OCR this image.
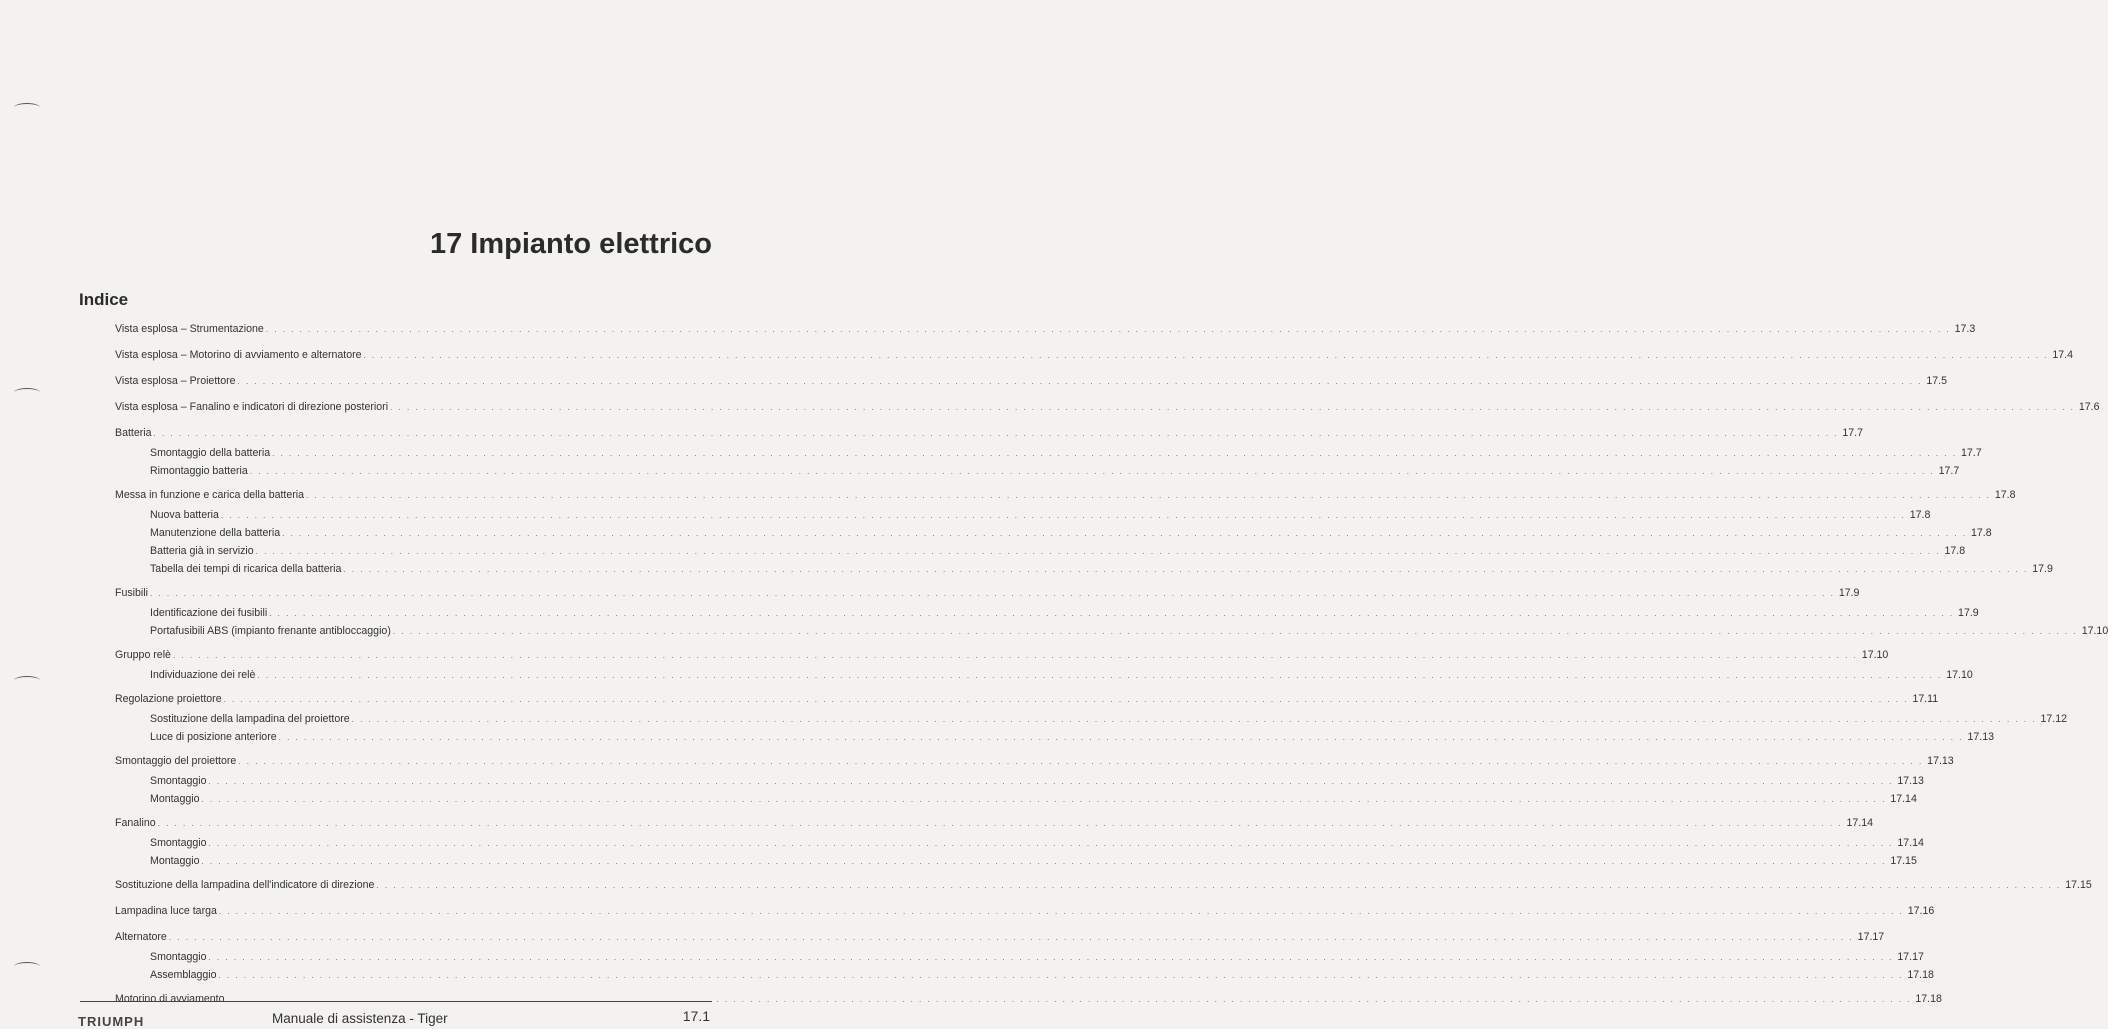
17 Impianto elettrico
Indice
Vista esplosa – Strumentazione . . . . . . . . . . . . . . . . . . . . . . . . . . . . . . . . . . . . . . . . . . . . . . . . . . . . . . . . . . . . . . . . . . . . . . . . . . . . . . . . . . . . . . . . . . . . . . . . . . . . . . . . . . . . . . . . . . . . . . . . . . . . . . . . . . . . . . . . . . . . . . . . . . . . . . . . . . . . . . . . . . . . . . . . . . . . . . . . . . . . . . . . . . . . . . . . . . . . . . . . 17.3
Vista esplosa – Motorino di avviamento e alternatore . . . . . . . . . . . . . . . . . . . . . . . . . . . . . . . . . . . . . . . . . . . . . . . . . . . . . . . . . . . . . . . . . . . . . . . . . . . . . . . . . . . . . . . . . . . . . . . . . . . . . . . . . . . . . . . . . . . . . . . . . . . . . . . . . . . . . . . . . . . . . . . . . . . . . . . . . . . . . . . . . . . . . . . . . . . . . . . . . . . . . . . . . . . . . . . . . . . . . . . . 17.4
Vista esplosa – Proiettore . . . . . . . . . . . . . . . . . . . . . . . . . . . . . . . . . . . . . . . . . . . . . . . . . . . . . . . . . . . . . . . . . . . . . . . . . . . . . . . . . . . . . . . . . . . . . . . . . . . . . . . . . . . . . . . . . . . . . . . . . . . . . . . . . . . . . . . . . . . . . . . . . . . . . . . . . . . . . . . . . . . . . . . . . . . . . . . . . . . . . . . . . . . . . . . . . . . . . . . . 17.5
Vista esplosa – Fanalino e indicatori di direzione posteriori . . . . . . . . . . . . . . . . . . . . . . . . . . . . . . . . . . . . . . . . . . . . . . . . . . . . . . . . . . . . . . . . . . . . . . . . . . . . . . . . . . . . . . . . . . . . . . . . . . . . . . . . . . . . . . . . . . . . . . . . . . . . . . . . . . . . . . . . . . . . . . . . . . . . . . . . . . . . . . . . . . . . . . . . . . . . . . . . . . . . . . . . . . . . . . . . . . . . . . . . 17.6
Batteria . . . . . . . . . . . . . . . . . . . . . . . . . . . . . . . . . . . . . . . . . . . . . . . . . . . . . . . . . . . . . . . . . . . . . . . . . . . . . . . . . . . . . . . . . . . . . . . . . . . . . . . . . . . . . . . . . . . . . . . . . . . . . . . . . . . . . . . . . . . . . . . . . . . . . . . . . . . . . . . . . . . . . . . . . . . . . . . . . . . . . . . . . . . . . . . . . . . . . . . . 17.7
Smontaggio della batteria . . . . . . . . . . . . . . . . . . . . . . . . . . . . . . . . . . . . . . . . . . . . . . . . . . . . . . . . . . . . . . . . . . . . . . . . . . . . . . . . . . . . . . . . . . . . . . . . . . . . . . . . . . . . . . . . . . . . . . . . . . . . . . . . . . . . . . . . . . . . . . . . . . . . . . . . . . . . . . . . . . . . . . . . . . . . . . . . . . . . . . . . . . . . . . . . . . . . . . . . 17.7
Rimontaggio batteria . . . . . . . . . . . . . . . . . . . . . . . . . . . . . . . . . . . . . . . . . . . . . . . . . . . . . . . . . . . . . . . . . . . . . . . . . . . . . . . . . . . . . . . . . . . . . . . . . . . . . . . . . . . . . . . . . . . . . . . . . . . . . . . . . . . . . . . . . . . . . . . . . . . . . . . . . . . . . . . . . . . . . . . . . . . . . . . . . . . . . . . . . . . . . . . . . . . . . . . . 17.7
Messa in funzione e carica della batteria . . . . . . . . . . . . . . . . . . . . . . . . . . . . . . . . . . . . . . . . . . . . . . . . . . . . . . . . . . . . . . . . . . . . . . . . . . . . . . . . . . . . . . . . . . . . . . . . . . . . . . . . . . . . . . . . . . . . . . . . . . . . . . . . . . . . . . . . . . . . . . . . . . . . . . . . . . . . . . . . . . . . . . . . . . . . . . . . . . . . . . . . . . . . . . . . . . . . . . . . 17.8
Nuova batteria . . . . . . . . . . . . . . . . . . . . . . . . . . . . . . . . . . . . . . . . . . . . . . . . . . . . . . . . . . . . . . . . . . . . . . . . . . . . . . . . . . . . . . . . . . . . . . . . . . . . . . . . . . . . . . . . . . . . . . . . . . . . . . . . . . . . . . . . . . . . . . . . . . . . . . . . . . . . . . . . . . . . . . . . . . . . . . . . . . . . . . . . . . . . . . . . . . . . . . . . 17.8
Manutenzione della batteria . . . . . . . . . . . . . . . . . . . . . . . . . . . . . . . . . . . . . . . . . . . . . . . . . . . . . . . . . . . . . . . . . . . . . . . . . . . . . . . . . . . . . . . . . . . . . . . . . . . . . . . . . . . . . . . . . . . . . . . . . . . . . . . . . . . . . . . . . . . . . . . . . . . . . . . . . . . . . . . . . . . . . . . . . . . . . . . . . . . . . . . . . . . . . . . . . . . . . . . . 17.8
Batteria già in servizio . . . . . . . . . . . . . . . . . . . . . . . . . . . . . . . . . . . . . . . . . . . . . . . . . . . . . . . . . . . . . . . . . . . . . . . . . . . . . . . . . . . . . . . . . . . . . . . . . . . . . . . . . . . . . . . . . . . . . . . . . . . . . . . . . . . . . . . . . . . . . . . . . . . . . . . . . . . . . . . . . . . . . . . . . . . . . . . . . . . . . . . . . . . . . . . . . . . . . . . . 17.8
Tabella dei tempi di ricarica della batteria . . . . . . . . . . . . . . . . . . . . . . . . . . . . . . . . . . . . . . . . . . . . . . . . . . . . . . . . . . . . . . . . . . . . . . . . . . . . . . . . . . . . . . . . . . . . . . . . . . . . . . . . . . . . . . . . . . . . . . . . . . . . . . . . . . . . . . . . . . . . . . . . . . . . . . . . . . . . . . . . . . . . . . . . . . . . . . . . . . . . . . . . . . . . . . . . . . . . . . . . 17.9
Fusibili . . . . . . . . . . . . . . . . . . . . . . . . . . . . . . . . . . . . . . . . . . . . . . . . . . . . . . . . . . . . . . . . . . . . . . . . . . . . . . . . . . . . . . . . . . . . . . . . . . . . . . . . . . . . . . . . . . . . . . . . . . . . . . . . . . . . . . . . . . . . . . . . . . . . . . . . . . . . . . . . . . . . . . . . . . . . . . . . . . . . . . . . . . . . . . . . . . . . . . . . 17.9
Identificazione dei fusibili . . . . . . . . . . . . . . . . . . . . . . . . . . . . . . . . . . . . . . . . . . . . . . . . . . . . . . . . . . . . . . . . . . . . . . . . . . . . . . . . . . . . . . . . . . . . . . . . . . . . . . . . . . . . . . . . . . . . . . . . . . . . . . . . . . . . . . . . . . . . . . . . . . . . . . . . . . . . . . . . . . . . . . . . . . . . . . . . . . . . . . . . . . . . . . . . . . . . . . . . 17.9
Portafusibili ABS (impianto frenante antibloccaggio) . . . . . . . . . . . . . . . . . . . . . . . . . . . . . . . . . . . . . . . . . . . . . . . . . . . . . . . . . . . . . . . . . . . . . . . . . . . . . . . . . . . . . . . . . . . . . . . . . . . . . . . . . . . . . . . . . . . . . . . . . . . . . . . . . . . . . . . . . . . . . . . . . . . . . . . . . . . . . . . . . . . . . . . . . . . . . . . . . . . . . . . . . . . . . . . . . . . . . . . . 17.10
Gruppo relè . . . . . . . . . . . . . . . . . . . . . . . . . . . . . . . . . . . . . . . . . . . . . . . . . . . . . . . . . . . . . . . . . . . . . . . . . . . . . . . . . . . . . . . . . . . . . . . . . . . . . . . . . . . . . . . . . . . . . . . . . . . . . . . . . . . . . . . . . . . . . . . . . . . . . . . . . . . . . . . . . . . . . . . . . . . . . . . . . . . . . . . . . . . . . . . . . . . . . . . . 17.10
Individuazione dei relè . . . . . . . . . . . . . . . . . . . . . . . . . . . . . . . . . . . . . . . . . . . . . . . . . . . . . . . . . . . . . . . . . . . . . . . . . . . . . . . . . . . . . . . . . . . . . . . . . . . . . . . . . . . . . . . . . . . . . . . . . . . . . . . . . . . . . . . . . . . . . . . . . . . . . . . . . . . . . . . . . . . . . . . . . . . . . . . . . . . . . . . . . . . . . . . . . . . . . . . . 17.10
Regolazione proiettore . . . . . . . . . . . . . . . . . . . . . . . . . . . . . . . . . . . . . . . . . . . . . . . . . . . . . . . . . . . . . . . . . . . . . . . . . . . . . . . . . . . . . . . . . . . . . . . . . . . . . . . . . . . . . . . . . . . . . . . . . . . . . . . . . . . . . . . . . . . . . . . . . . . . . . . . . . . . . . . . . . . . . . . . . . . . . . . . . . . . . . . . . . . . . . . . . . . . . . . . 17.11
Sostituzione della lampadina del proiettore . . . . . . . . . . . . . . . . . . . . . . . . . . . . . . . . . . . . . . . . . . . . . . . . . . . . . . . . . . . . . . . . . . . . . . . . . . . . . . . . . . . . . . . . . . . . . . . . . . . . . . . . . . . . . . . . . . . . . . . . . . . . . . . . . . . . . . . . . . . . . . . . . . . . . . . . . . . . . . . . . . . . . . . . . . . . . . . . . . . . . . . . . . . . . . . . . . . . . . . . 17.12
Luce di posizione anteriore . . . . . . . . . . . . . . . . . . . . . . . . . . . . . . . . . . . . . . . . . . . . . . . . . . . . . . . . . . . . . . . . . . . . . . . . . . . . . . . . . . . . . . . . . . . . . . . . . . . . . . . . . . . . . . . . . . . . . . . . . . . . . . . . . . . . . . . . . . . . . . . . . . . . . . . . . . . . . . . . . . . . . . . . . . . . . . . . . . . . . . . . . . . . . . . . . . . . . . . . 17.13
Smontaggio del proiettore . . . . . . . . . . . . . . . . . . . . . . . . . . . . . . . . . . . . . . . . . . . . . . . . . . . . . . . . . . . . . . . . . . . . . . . . . . . . . . . . . . . . . . . . . . . . . . . . . . . . . . . . . . . . . . . . . . . . . . . . . . . . . . . . . . . . . . . . . . . . . . . . . . . . . . . . . . . . . . . . . . . . . . . . . . . . . . . . . . . . . . . . . . . . . . . . . . . . . . . . 17.13
Smontaggio . . . . . . . . . . . . . . . . . . . . . . . . . . . . . . . . . . . . . . . . . . . . . . . . . . . . . . . . . . . . . . . . . . . . . . . . . . . . . . . . . . . . . . . . . . . . . . . . . . . . . . . . . . . . . . . . . . . . . . . . . . . . . . . . . . . . . . . . . . . . . . . . . . . . . . . . . . . . . . . . . . . . . . . . . . . . . . . . . . . . . . . . . . . . . . . . . . . . . . . . 17.13
Montaggio . . . . . . . . . . . . . . . . . . . . . . . . . . . . . . . . . . . . . . . . . . . . . . . . . . . . . . . . . . . . . . . . . . . . . . . . . . . . . . . . . . . . . . . . . . . . . . . . . . . . . . . . . . . . . . . . . . . . . . . . . . . . . . . . . . . . . . . . . . . . . . . . . . . . . . . . . . . . . . . . . . . . . . . . . . . . . . . . . . . . . . . . . . . . . . . . . . . . . . . . 17.14
Fanalino . . . . . . . . . . . . . . . . . . . . . . . . . . . . . . . . . . . . . . . . . . . . . . . . . . . . . . . . . . . . . . . . . . . . . . . . . . . . . . . . . . . . . . . . . . . . . . . . . . . . . . . . . . . . . . . . . . . . . . . . . . . . . . . . . . . . . . . . . . . . . . . . . . . . . . . . . . . . . . . . . . . . . . . . . . . . . . . . . . . . . . . . . . . . . . . . . . . . . . . . 17.14
Smontaggio . . . . . . . . . . . . . . . . . . . . . . . . . . . . . . . . . . . . . . . . . . . . . . . . . . . . . . . . . . . . . . . . . . . . . . . . . . . . . . . . . . . . . . . . . . . . . . . . . . . . . . . . . . . . . . . . . . . . . . . . . . . . . . . . . . . . . . . . . . . . . . . . . . . . . . . . . . . . . . . . . . . . . . . . . . . . . . . . . . . . . . . . . . . . . . . . . . . . . . . . 17.14
Montaggio . . . . . . . . . . . . . . . . . . . . . . . . . . . . . . . . . . . . . . . . . . . . . . . . . . . . . . . . . . . . . . . . . . . . . . . . . . . . . . . . . . . . . . . . . . . . . . . . . . . . . . . . . . . . . . . . . . . . . . . . . . . . . . . . . . . . . . . . . . . . . . . . . . . . . . . . . . . . . . . . . . . . . . . . . . . . . . . . . . . . . . . . . . . . . . . . . . . . . . . . 17.15
Sostituzione della lampadina dell'indicatore di direzione . . . . . . . . . . . . . . . . . . . . . . . . . . . . . . . . . . . . . . . . . . . . . . . . . . . . . . . . . . . . . . . . . . . . . . . . . . . . . . . . . . . . . . . . . . . . . . . . . . . . . . . . . . . . . . . . . . . . . . . . . . . . . . . . . . . . . . . . . . . . . . . . . . . . . . . . . . . . . . . . . . . . . . . . . . . . . . . . . . . . . . . . . . . . . . . . . . . . . . . . 17.15
Lampadina luce targa . . . . . . . . . . . . . . . . . . . . . . . . . . . . . . . . . . . . . . . . . . . . . . . . . . . . . . . . . . . . . . . . . . . . . . . . . . . . . . . . . . . . . . . . . . . . . . . . . . . . . . . . . . . . . . . . . . . . . . . . . . . . . . . . . . . . . . . . . . . . . . . . . . . . . . . . . . . . . . . . . . . . . . . . . . . . . . . . . . . . . . . . . . . . . . . . . . . . . . . . 17.16
Alternatore . . . . . . . . . . . . . . . . . . . . . . . . . . . . . . . . . . . . . . . . . . . . . . . . . . . . . . . . . . . . . . . . . . . . . . . . . . . . . . . . . . . . . . . . . . . . . . . . . . . . . . . . . . . . . . . . . . . . . . . . . . . . . . . . . . . . . . . . . . . . . . . . . . . . . . . . . . . . . . . . . . . . . . . . . . . . . . . . . . . . . . . . . . . . . . . . . . . . . . . . 17.17
Smontaggio . . . . . . . . . . . . . . . . . . . . . . . . . . . . . . . . . . . . . . . . . . . . . . . . . . . . . . . . . . . . . . . . . . . . . . . . . . . . . . . . . . . . . . . . . . . . . . . . . . . . . . . . . . . . . . . . . . . . . . . . . . . . . . . . . . . . . . . . . . . . . . . . . . . . . . . . . . . . . . . . . . . . . . . . . . . . . . . . . . . . . . . . . . . . . . . . . . . . . . . . 17.17
Assemblaggio . . . . . . . . . . . . . . . . . . . . . . . . . . . . . . . . . . . . . . . . . . . . . . . . . . . . . . . . . . . . . . . . . . . . . . . . . . . . . . . . . . . . . . . . . . . . . . . . . . . . . . . . . . . . . . . . . . . . . . . . . . . . . . . . . . . . . . . . . . . . . . . . . . . . . . . . . . . . . . . . . . . . . . . . . . . . . . . . . . . . . . . . . . . . . . . . . . . . . . . . 17.18
Motorino di avviamento . . . . . . . . . . . . . . . . . . . . . . . . . . . . . . . . . . . . . . . . . . . . . . . . . . . . . . . . . . . . . . . . . . . . . . . . . . . . . . . . . . . . . . . . . . . . . . . . . . . . . . . . . . . . . . . . . . . . . . . . . . . . . . . . . . . . . . . . . . . . . . . . . . . . . . . . . . . . . . . . . . . . . . . . . . . . . . . . . . . . . . . . . . . . . . . . . . . . . . . . 17.18
TRIUMPH	Manuale di assistenza - Tiger	17.1
